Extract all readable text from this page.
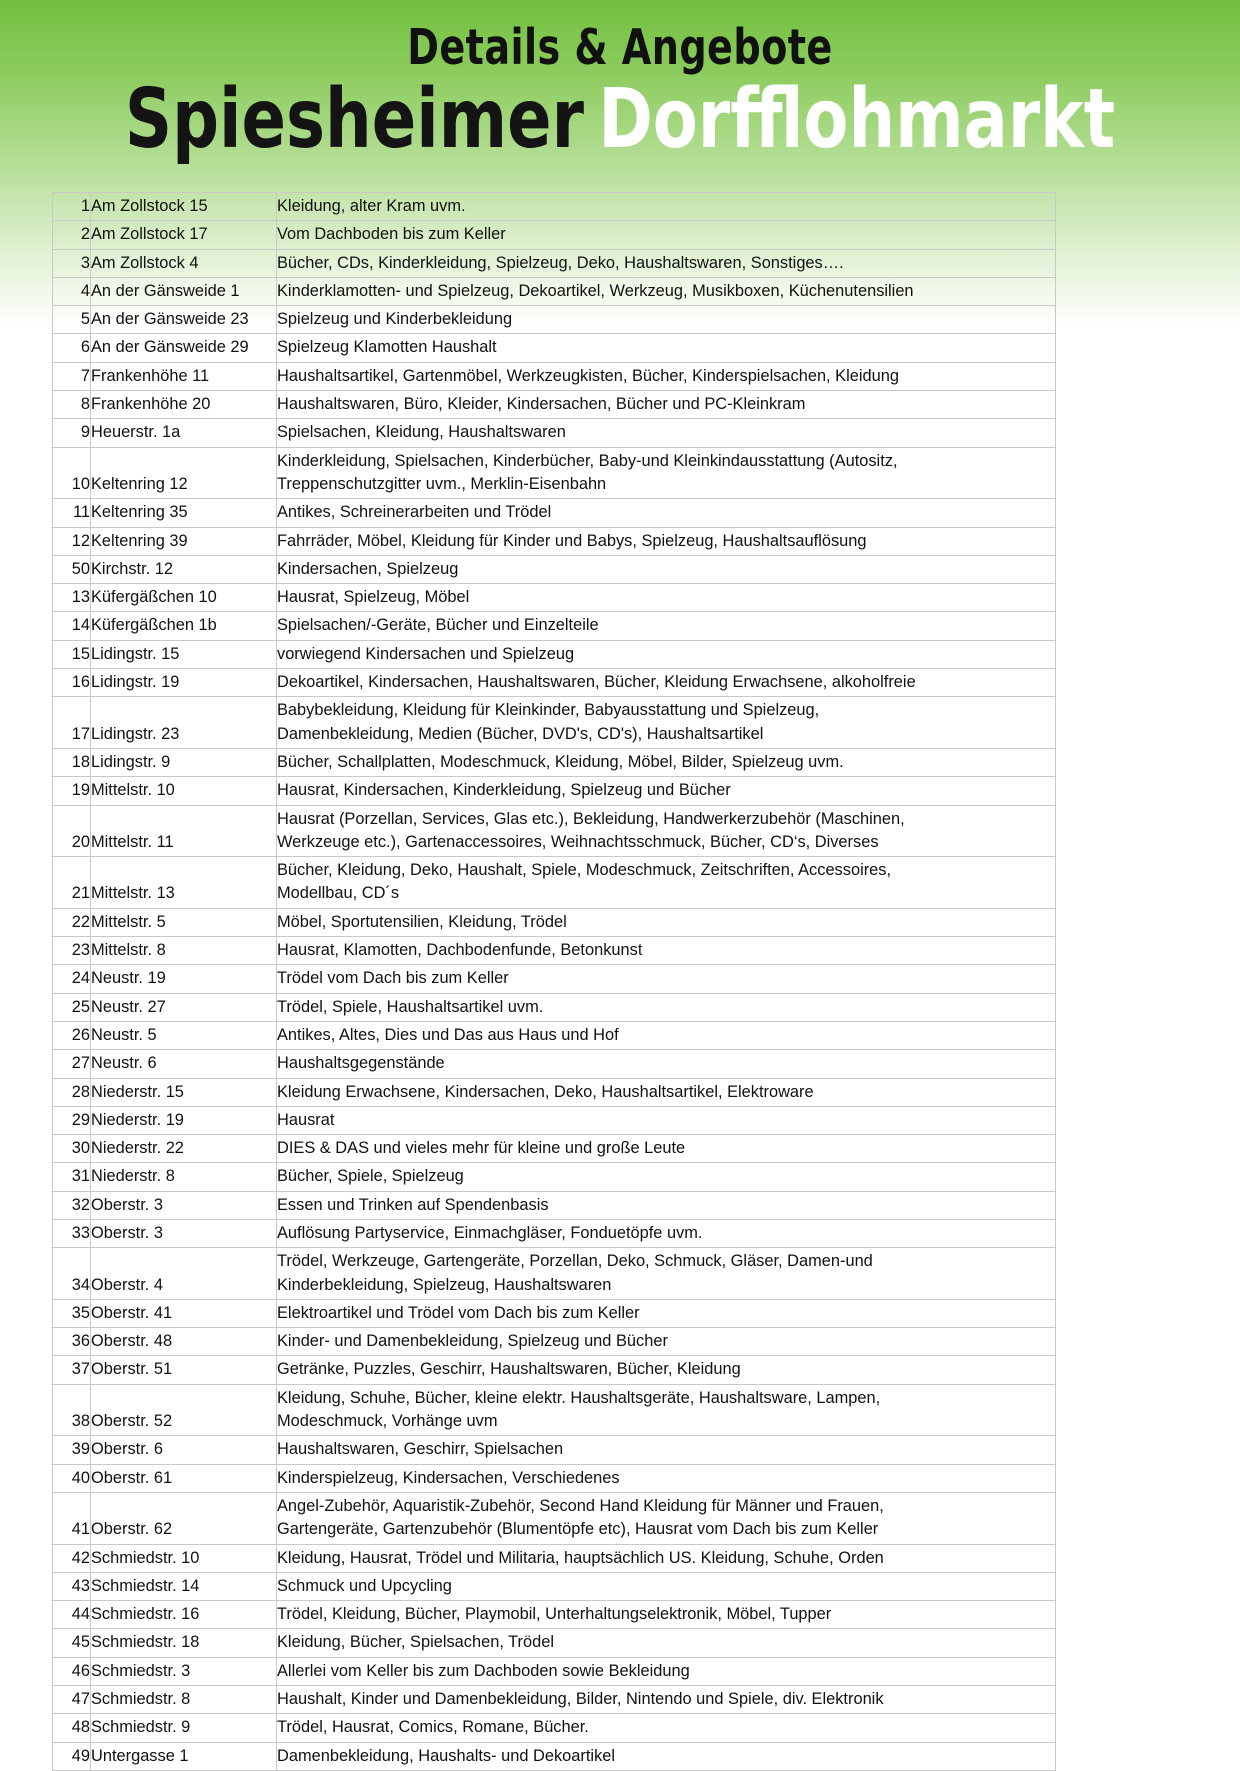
Details & Angebote
Spiesheimer Dorfflohmarkt
1	Am Zollstock 15	Kleidung, alter Kram uvm.
2	Am Zollstock 17	Vom Dachboden bis zum Keller
3	Am Zollstock 4	Bücher, CDs, Kinderkleidung, Spielzeug, Deko, Haushaltswaren, Sonstiges….
4	An der Gänsweide 1	Kinderklamotten- und Spielzeug, Dekoartikel, Werkzeug, Musikboxen, Küchenutensilien
5	An der Gänsweide 23	Spielzeug und Kinderbekleidung
6	An der Gänsweide 29	Spielzeug Klamotten Haushalt
7	Frankenhöhe 11	Haushaltsartikel, Gartenmöbel, Werkzeugkisten, Bücher, Kinderspielsachen, Kleidung
8	Frankenhöhe 20	Haushaltswaren, Büro, Kleider, Kindersachen, Bücher und PC-Kleinkram
9	Heuerstr. 1a	Spielsachen, Kleidung, Haushaltswaren
10	Keltenring 12	Kinderkleidung, Spielsachen, Kinderbücher, Baby-und Kleinkindausstattung (Autositz,
Treppenschutzgitter uvm., Merklin-Eisenbahn

11	Keltenring 35	Antikes, Schreinerarbeiten und Trödel
12	Keltenring 39	Fahrräder, Möbel, Kleidung für Kinder und Babys, Spielzeug, Haushaltsauflösung
50	Kirchstr. 12	Kindersachen, Spielzeug
13	Küfergäßchen 10	Hausrat, Spielzeug, Möbel
14	Küfergäßchen 1b	Spielsachen/-Geräte, Bücher und Einzelteile
15	Lidingstr. 15	vorwiegend Kindersachen und Spielzeug
16	Lidingstr. 19	Dekoartikel, Kindersachen, Haushaltswaren, Bücher, Kleidung Erwachsene, alkoholfreie
17	Lidingstr. 23	Babybekleidung, Kleidung für Kleinkinder, Babyausstattung und Spielzeug,
Damenbekleidung, Medien (Bücher, DVD's, CD's), Haushaltsartikel

18	Lidingstr. 9	Bücher, Schallplatten, Modeschmuck, Kleidung, Möbel, Bilder, Spielzeug uvm.
19	Mittelstr. 10	Hausrat, Kindersachen, Kinderkleidung, Spielzeug und Bücher
20	Mittelstr. 11	Hausrat (Porzellan, Services, Glas etc.), Bekleidung, Handwerkerzubehör (Maschinen,
Werkzeuge etc.), Gartenaccessoires, Weihnachtsschmuck, Bücher, CD‘s, Diverses

21	Mittelstr. 13	Bücher, Kleidung, Deko, Haushalt, Spiele, Modeschmuck, Zeitschriften, Accessoires,
Modellbau, CD´s

22	Mittelstr. 5	Möbel, Sportutensilien, Kleidung, Trödel
23	Mittelstr. 8	Hausrat, Klamotten, Dachbodenfunde, Betonkunst
24	Neustr. 19	Trödel vom Dach bis zum Keller
25	Neustr. 27	Trödel, Spiele, Haushaltsartikel uvm.
26	Neustr. 5	Antikes, Altes, Dies und Das aus Haus und Hof
27	Neustr. 6	Haushaltsgegenstände
28	Niederstr. 15	Kleidung Erwachsene, Kindersachen, Deko, Haushaltsartikel, Elektroware
29	Niederstr. 19	Hausrat
30	Niederstr. 22	DIES & DAS und vieles mehr für kleine und große Leute
31	Niederstr. 8	Bücher, Spiele, Spielzeug
32	Oberstr. 3	Essen und Trinken auf Spendenbasis
33	Oberstr. 3	Auflösung Partyservice, Einmachgläser, Fonduetöpfe uvm.
34	Oberstr. 4	Trödel, Werkzeuge, Gartengeräte, Porzellan, Deko, Schmuck, Gläser, Damen-und
Kinderbekleidung, Spielzeug, Haushaltswaren

35	Oberstr. 41	Elektroartikel und Trödel vom Dach bis zum Keller
36	Oberstr. 48	Kinder- und Damenbekleidung, Spielzeug und Bücher
37	Oberstr. 51	Getränke, Puzzles, Geschirr, Haushaltswaren, Bücher, Kleidung
38	Oberstr. 52	Kleidung, Schuhe, Bücher, kleine elektr. Haushaltsgeräte, Haushaltsware, Lampen,
Modeschmuck, Vorhänge uvm

39	Oberstr. 6	Haushaltswaren, Geschirr, Spielsachen
40	Oberstr. 61	Kinderspielzeug, Kindersachen, Verschiedenes
41	Oberstr. 62	Angel-Zubehör, Aquaristik-Zubehör, Second Hand Kleidung für Männer und Frauen,
Gartengeräte, Gartenzubehör (Blumentöpfe etc), Hausrat vom Dach bis zum Keller

42	Schmiedstr. 10	Kleidung, Hausrat, Trödel und Militaria, hauptsächlich US. Kleidung, Schuhe, Orden
43	Schmiedstr. 14	Schmuck und Upcycling
44	Schmiedstr. 16	Trödel, Kleidung, Bücher, Playmobil, Unterhaltungselektronik, Möbel, Tupper
45	Schmiedstr. 18	Kleidung, Bücher, Spielsachen, Trödel
46	Schmiedstr. 3	Allerlei vom Keller bis zum Dachboden sowie Bekleidung
47	Schmiedstr. 8	Haushalt, Kinder und Damenbekleidung, Bilder, Nintendo und Spiele, div. Elektronik
48	Schmiedstr. 9	Trödel, Hausrat, Comics, Romane, Bücher.
49	Untergasse 1	Damenbekleidung, Haushalts- und Dekoartikel
